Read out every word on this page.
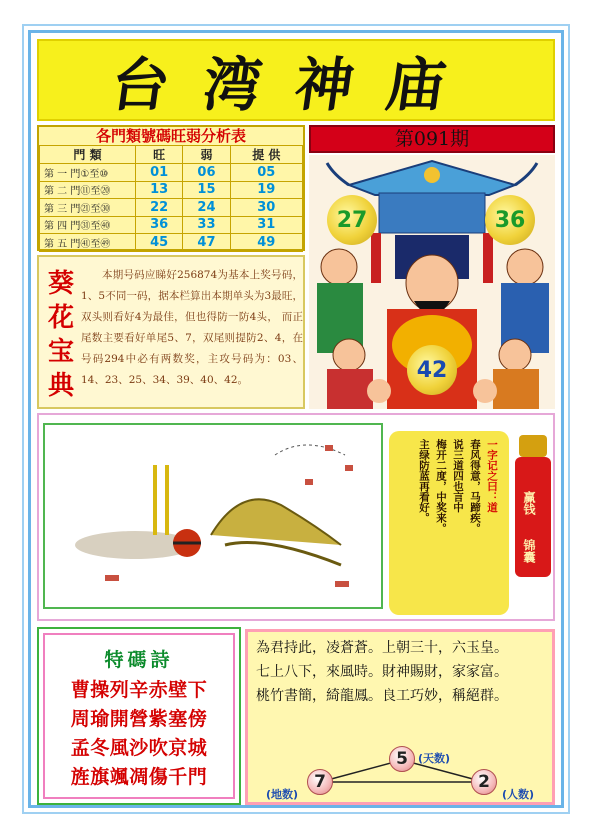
台湾神庙
各門類號碼旺弱分析表
門 類	旺	弱	提 供
第 一 門①至⑩	01	06	05
第 二 門⑪至⑳	13	15	19
第 三 門㉑至㉚	22	24	30
第 四 門㉛至㊵	36	33	31
第 五 門㊶至㊾	45	47	49
第091期
27	36
42
葵
花
宝
典
本期号码应睇好256874为基本上奖号码，1、5不同一码，据本栏算出本期单头为3最旺，双头则看好4为最佳，但也得防一防4头， 而正尾数主要看好单尾5、7，双尾则提防2、4，在号码294中必有两数奖，主攻号码为：03、14、23、25、34、39、40、42。
一字记之曰：道
春风得意，马蹄疾。
说三道四也言中
梅开二度，中奖来。
主绿防蓝再看好。	赢钱
锦囊
特碼詩
曹操列辛赤壁下
周瑜開營紫塞傍
孟冬風沙吹京城
旌旗颯凋傷千門
為君持此，凌蒼蒼。上朝三十，六玉皇。
七上八下，來風時。財神賜財，家家富。
桃竹書簡，綺龍鳳。良工巧妙，稱絕群。
5 (天数)
7
(地数)
2
(人数)
